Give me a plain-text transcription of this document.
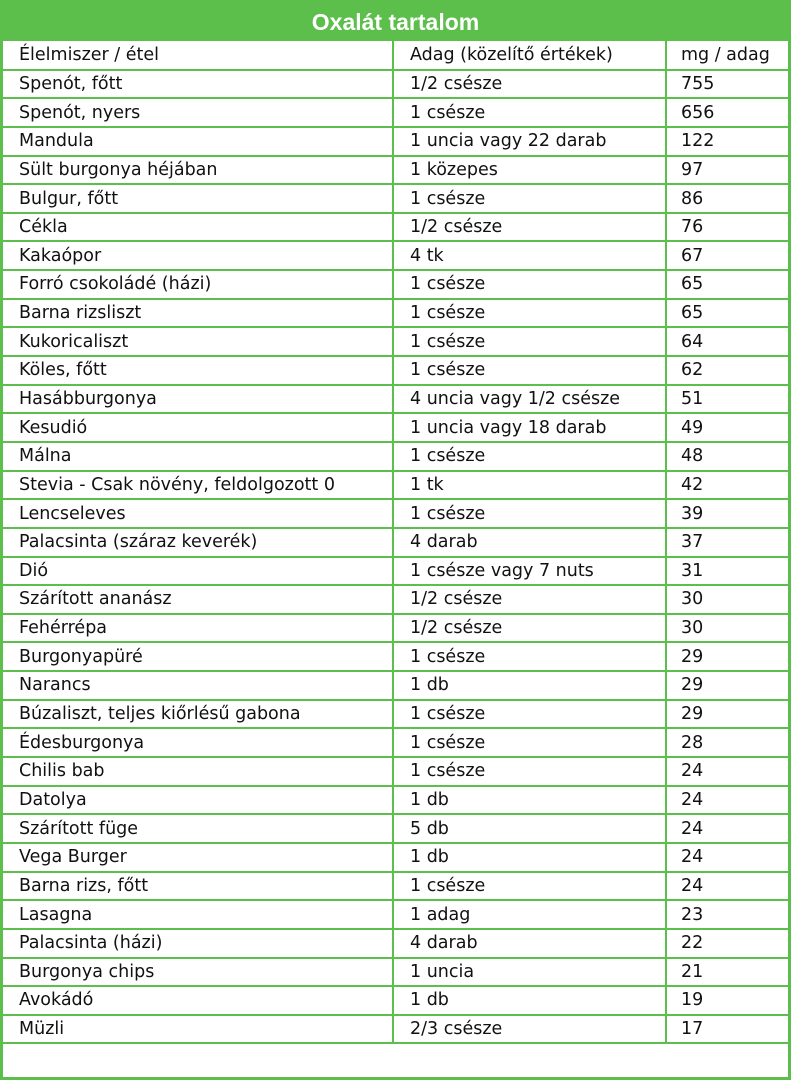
Oxalát tartalom
Élelmiszer / étel	Adag (közelítő értékek)	mg / adag
Spenót, főtt	1/2 csésze	755
Spenót, nyers	1 csésze	656
Mandula	1 uncia vagy 22 darab	122
Sült burgonya héjában	1 közepes	97
Bulgur, főtt	1 csésze	86
Cékla	1/2 csésze	76
Kakaópor	4 tk	67
Forró csokoládé (házi)	1 csésze	65
Barna rizsliszt	1 csésze	65
Kukoricaliszt	1 csésze	64
Köles, főtt	1 csésze	62
Hasábburgonya	4 uncia vagy 1/2 csésze	51
Kesudió	1 uncia vagy 18 darab	49
Málna	1 csésze	48
Stevia - Csak növény, feldolgozott 0	1 tk	42
Lencseleves	1 csésze	39
Palacsinta (száraz keverék)	4 darab	37
Dió	1 csésze vagy 7 nuts	31
Szárított ananász	1/2 csésze	30
Fehérrépa	1/2 csésze	30
Burgonyapüré	1 csésze	29
Narancs	1 db	29
Búzaliszt, teljes kiőrlésű gabona	1 csésze	29
Édesburgonya	1 csésze	28
Chilis bab	1 csésze	24
Datolya	1 db	24
Szárított füge	5 db	24
Vega Burger	1 db	24
Barna rizs, főtt	1 csésze	24
Lasagna	1 adag	23
Palacsinta (házi)	4 darab	22
Burgonya chips	1 uncia	21
Avokádó	1 db	19
Müzli	2/3 csésze	17
